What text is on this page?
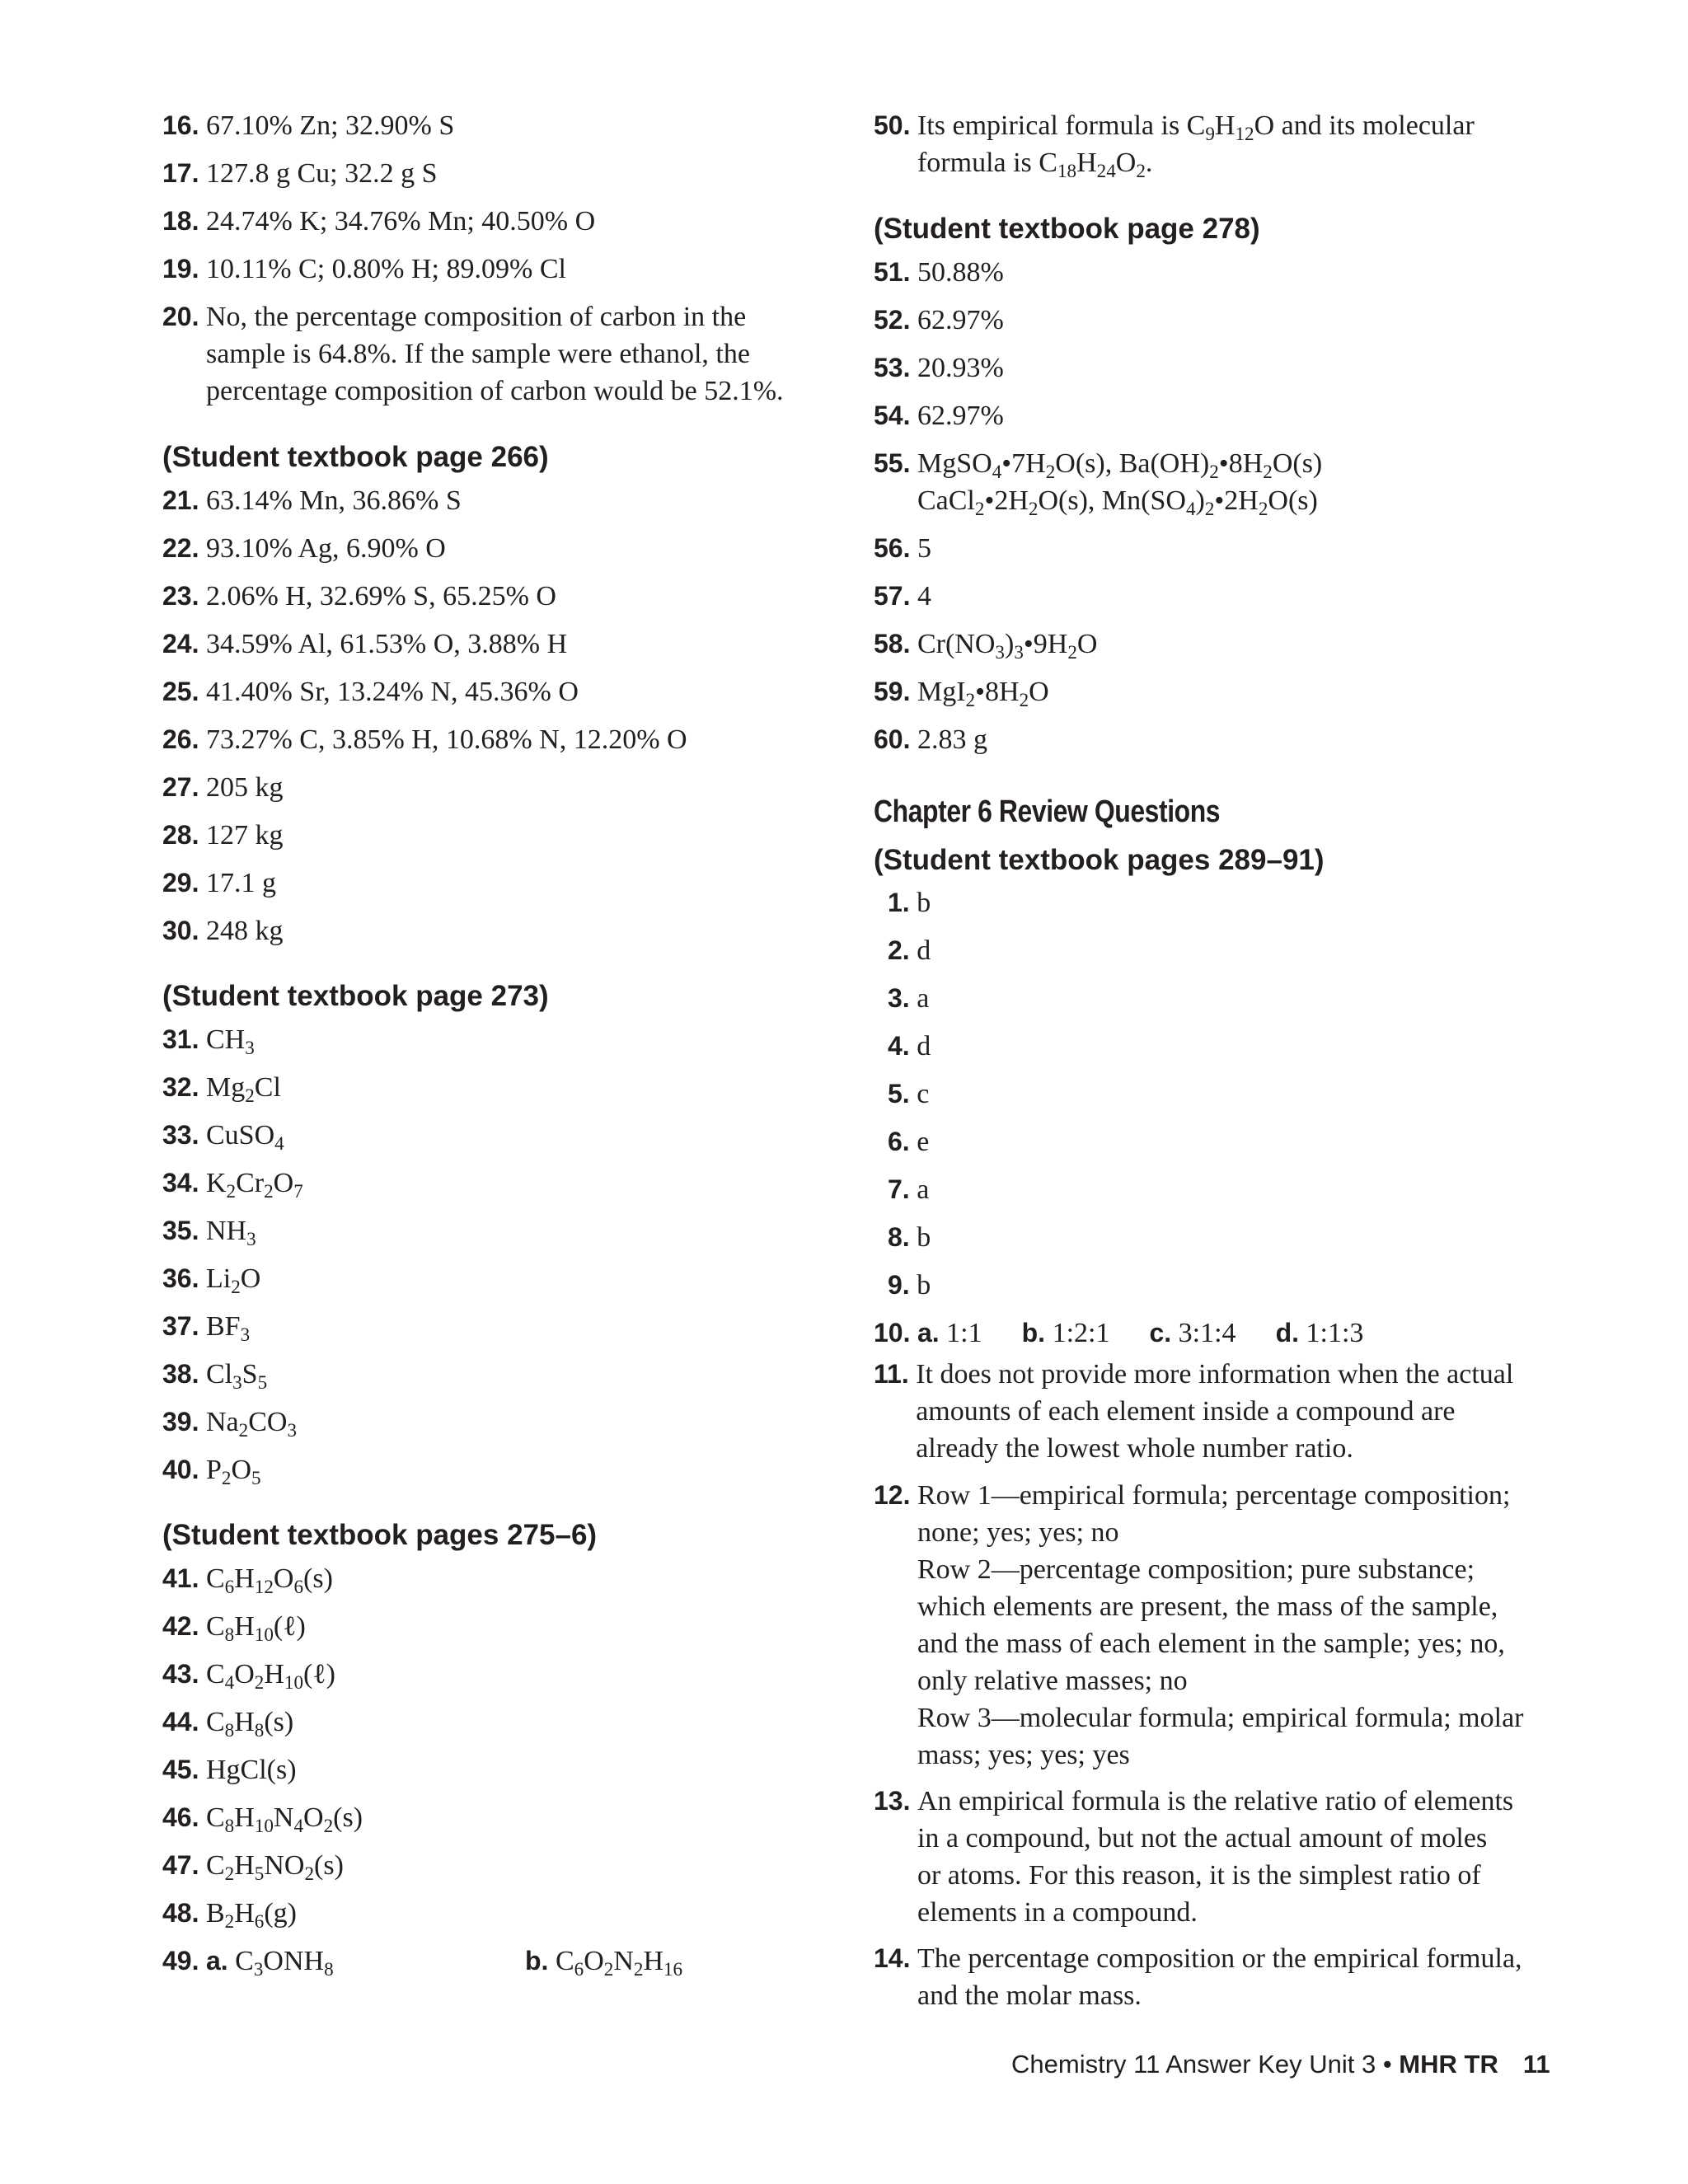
16. 67.10% Zn; 32.90% S
17. 127.8 g Cu; 32.2 g S
18. 24.74% K; 34.76% Mn; 40.50% O
19. 10.11% C; 0.80% H; 89.09% Cl
20. No, the percentage composition of carbon in the
sample is 64.8%. If the sample were ethanol, the
percentage composition of carbon would be 52.1%.
(Student textbook page 266)
21. 63.14% Mn, 36.86% S
22. 93.10% Ag, 6.90% O
23. 2.06% H, 32.69% S, 65.25% O
24. 34.59% Al, 61.53% O, 3.88% H
25. 41.40% Sr, 13.24% N, 45.36% O
26. 73.27% C, 3.85% H, 10.68% N, 12.20% O
27. 205 kg
28. 127 kg
29. 17.1 g
30. 248 kg
(Student textbook page 273)
31. $CH_3$
32. $Mg_2Cl$
33. CuSO$_4$
34. $K_2Cr_2O_7$
35. $NH_3$
36. $Li_2O$
37. $BF_3$
38. $Cl_3S_5$
39. $Na_2CO_3$
40. $P_2O_5$
(Student textbook pages 275–6)
41. $C_6H_{12}O_6(s)$
42. $C_8H_{10}(\ell)$
43. $C_4O_2H_{10}(\ell)$
44. $C_8H_8(s)$
45. HgCl(s)
46. $C_8H_{10}N_4O_2(s)$
47. $C_2H_5NO_2(s)$
48. $B_2H_6(g)$
49. a. $C_3ONH_8$	b. $C_6O_2N_2H_{16}$
50. Its empirical formula is $C_9H_{12}O$ and its molecular
formula is $C_{18}H_{24}O_2$.
(Student textbook page 278)
51. 50.88%
52. 62.97%
53. 20.93%
54. 62.97%
55. $MgSO_4•7H_2O(s)$, $Ba(OH)_2•8H_2O(s)$
$CaCl_2•2H_2O(s)$, $Mn(SO_4)_2•2H_2O(s)$
56. 5
57. 4
58. $Cr(NO_3)_3•9H_2O$
59. $MgI_2•8H_2O$
60. 2.83 g
Chapter 6 Review Questions
(Student textbook pages 289–91)
1. b
2. d
3. a
4. d
5. c
6. e
7. a
8. b
9. b
10. a. 1:1 b. 1:2:1 c. 3:1:4 d. 1:1:3
11. It does not provide more information when the actual
amounts of each element inside a compound are
already the lowest whole number ratio.
12. Row 1—empirical formula; percentage composition;
none; yes; yes; no
Row 2—percentage composition; pure substance;
which elements are present, the mass of the sample,
and the mass of each element in the sample; yes; no,
only relative masses; no
Row 3—molecular formula; empirical formula; molar
mass; yes; yes; yes
13. An empirical formula is the relative ratio of elements
in a compound, but not the actual amount of moles
or atoms. For this reason, it is the simplest ratio of
elements in a compound.
14. The percentage composition or the empirical formula,
and the molar mass.
Chemistry 11 Answer Key Unit 3 • MHR TR 11
